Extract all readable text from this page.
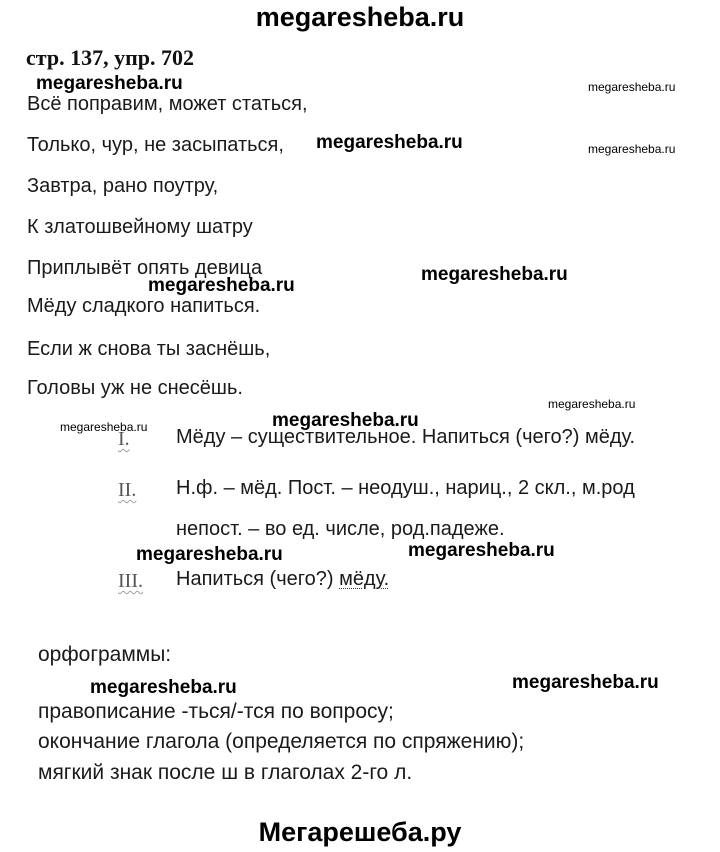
megaresheba.ru
стр. 137, упр. 702
Всё поправим, может статься,
Только, чур, не засыпаться,
Завтра, рано поутру,
К златошвейному шатру
Приплывёт опять девица
Мёду сладкого напиться.
Если ж снова ты заснёшь,
Головы уж не снесёшь.
I. Мёду – существительное. Напиться (чего?) мёду.
II. Н.ф. – мёд. Пост. – неодуш., нариц., 2 скл., м.род
непост. – во ед. числе, род.падеже.
III. Напиться (чего?) мёду.
орфограммы:
правописание -ться/-тся по вопросу;
окончание глагола (определяется по спряжению);
мягкий знак после ш в глаголах 2-го л.
megaresheba.ru	megaresheba.ru
megaresheba.ru	megaresheba.ru
megaresheba.ru
megaresheba.ru
megaresheba.ru
megaresheba.ru
megaresheba.ru
megaresheba.ru	megaresheba.ru
megaresheba.ru	megaresheba.ru
Мегарешеба.ру
